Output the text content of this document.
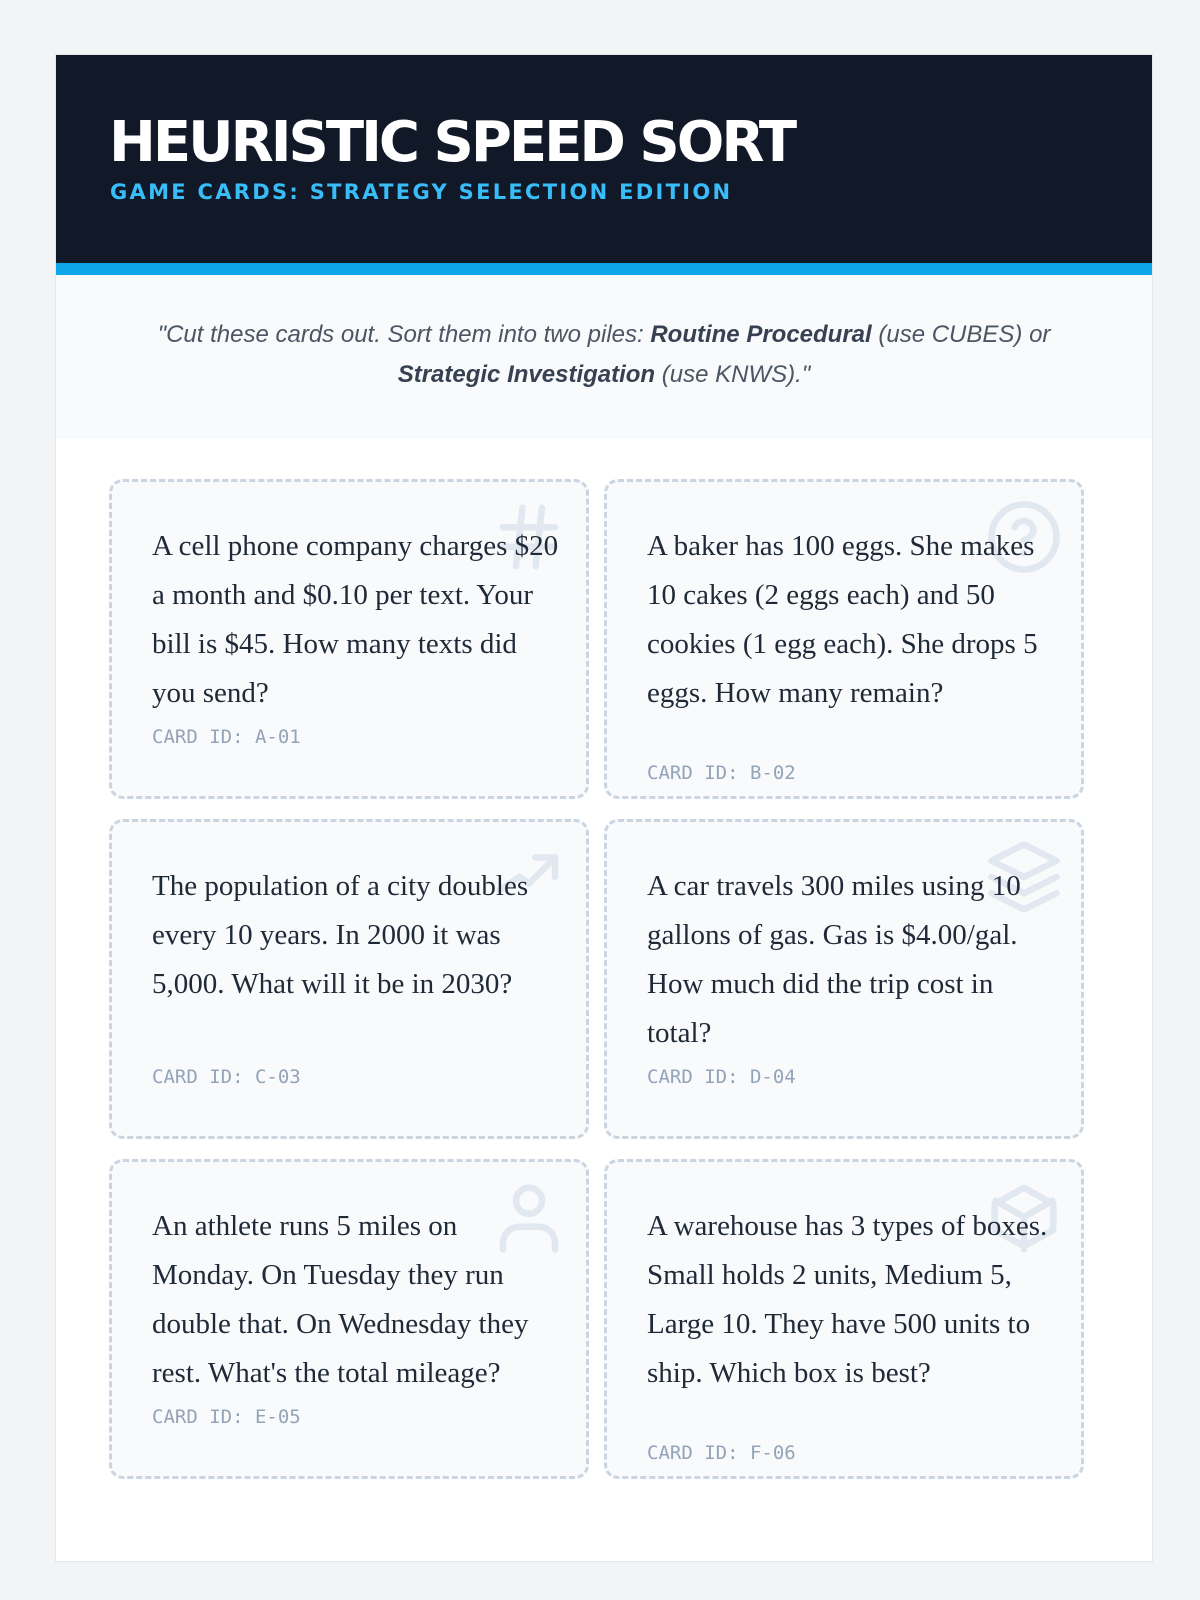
HEURISTIC SPEED SORT
GAME CARDS: STRATEGY SELECTION EDITION
"Cut these cards out. Sort them into two piles: Routine Procedural (use CUBES) or
Strategic Investigation (use KNWS)."
A cell phone company charges $20 a month and $0.10 per text. Your bill is $45. How many texts did you send?
CARD ID: A-01
A baker has 100 eggs. She makes 10 cakes (2 eggs each) and 50 cookies (1 egg each). She drops 5 eggs. How many remain?
CARD ID: B-02
The population of a city doubles every 10 years. In 2000 it was 5,000. What will it be in 2030?
CARD ID: C-03
A car travels 300 miles using 10 gallons of gas. Gas is $4.00/gal. How much did the trip cost in total?
CARD ID: D-04
An athlete runs 5 miles on Monday. On Tuesday they run double that. On Wednesday they rest. What's the total mileage?
CARD ID: E-05
A warehouse has 3 types of boxes. Small holds 2 units, Medium 5, Large 10. They have 500 units to ship. Which box is best?
CARD ID: F-06
